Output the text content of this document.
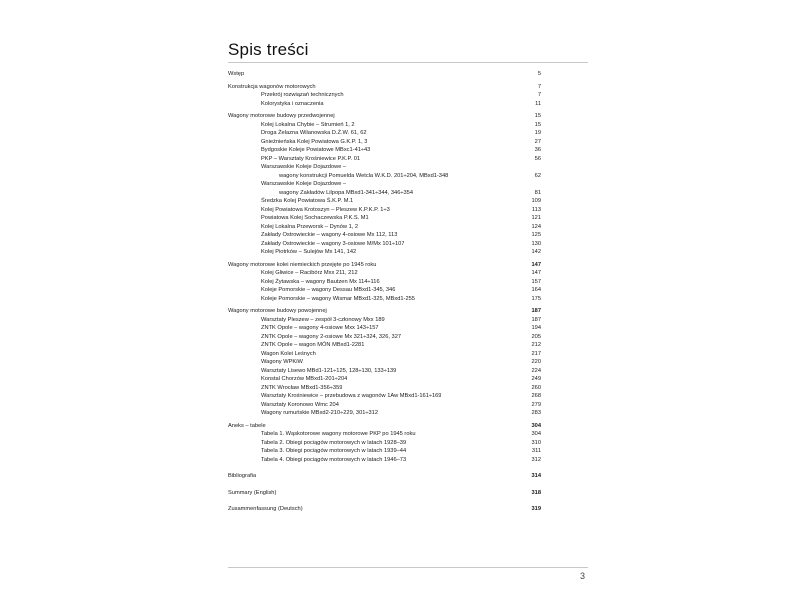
Spis treści
Wstęp	5
Konstrukcja wagonów motorowych	7
Przekrój rozwiązań technicznych	7
Kolorystyka i oznaczenia	11
Wagony motorowe budowy przedwojennej	15
Kolej Lokalna Chybie – Strumień 1, 2	15
Droga Żelazna Wilanowska D.Ż.W. 61, 62	19
Gnieźnieńska Kolej Powiatowa G.K.P. 1, 3	27
Bydgoskie Koleje Powiatowe MBxc1-41÷43	36
PKP – Warsztaty Krośniewice P.K.P. 01	56
Warszawskie Koleje Dojazdowe –
wagony konstrukcji Pomuelda Wetcla W.K.D. 201÷204, MBxd1-348	62
Warszawskie Koleje Dojazdowe –
wagony Zakładów Lilpopa MBxd1-341÷344, 346÷354	81
Średzka Kolej Powiatowa Ś.K.P. M.1	109
Kolej Powiatowa Krotoszyn – Pleszew K.P.K.P. 1÷3	113
Powiatowa Kolej Sochaczewska P.K.S. M1	121
Kolej Lokalna Przeworsk – Dynów 1, 2	124
Zakłady Ostrowieckie – wagony 4-osiowe Mx 112, 113	125
Zakłady Ostrowieckie – wagony 3-osiowe M/Mx 101÷107	130
Kolej Piotrków – Sulejów Mx 141, 142	142
Wagony motorowe kolei niemieckich przejęte po 1945 roku	147
Kolej Gliwice – Racibórz Mxx 211, 212	147
Kolej Żytawska – wagony Bautzen Mx 114÷116	157
Koleje Pomorskie – wagony Dessau MBxd1-345, 346	164
Koleje Pomorskie – wagony Wismar MBxd1-325, MBxd1-255	175
Wagony motorowe budowy powojennej	187
Warsztaty Pleszew – zespół 3-członowy Mxx 189	187
ZNTK Opole – wagony 4-osiowe Mxx 143÷157	194
ZNTK Opole – wagony 2-osiowe Mx 321÷324, 326, 327	205
ZNTK Opole – wagon MÓN MBxd1-2281	212
Wagon Kolei Leśnych	217
Wagony WPKiW	220
Warsztaty Lisewo MBd1-121÷125, 128÷130, 133÷139	224
Konstal Chorzów MBxd1-201÷204	249
ZNTK Wrocław MBxd1-356÷359	260
Warsztaty Krośniewice – przebudowa z wagonów 1Aw MBxd1-161÷169	268
Warsztaty Koronowo Wmc 204	279
Wagony rumuńskie MBxd2-210÷229, 301÷312	283
Aneks – tabele	304
Tabela 1. Wąskotorowe wagony motorowe PKP po 1945 roku	304
Tabela 2. Obiegi pociągów motorowych w latach 1928–39	310
Tabela 3. Obiegi pociągów motorowych w latach 1939–44	311
Tabela 4. Obiegi pociągów motorowych w latach 1946–73	312
Bibliografia	314
Summary (English)	318
Zusammenfassung (Deutsch)	319
3
